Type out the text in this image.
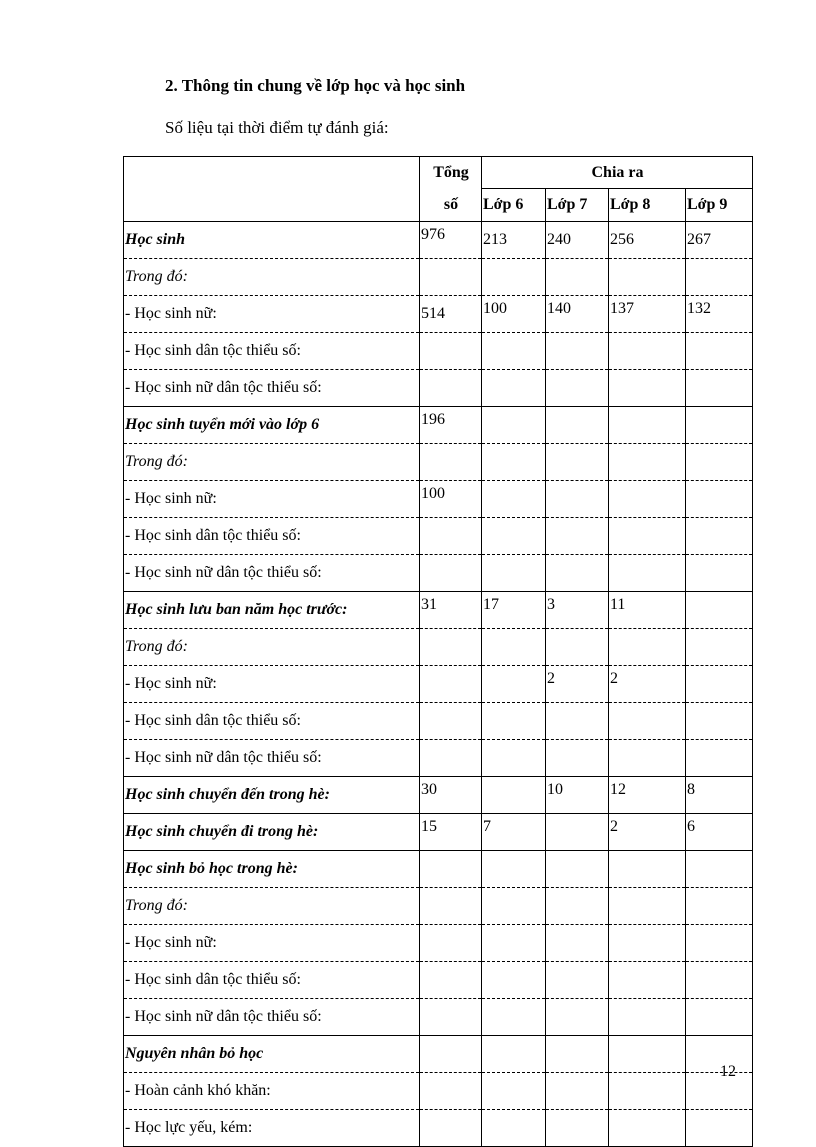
2. Thông tin chung về lớp học và học sinh
Số liệu tại thời điểm tự đánh giá:
	Tổng	Chia ra			
	số	Lớp 6	Lớp 7	Lớp 8	Lớp 9
Học sinh	976	213	240	256	267
Trong đó:					
- Học sinh nữ:	514	100	140	137	132
- Học sinh dân tộc thiểu số:					
- Học sinh nữ dân tộc thiểu số:					
Học sinh tuyển mới vào lớp 6	196				
Trong đó:					
- Học sinh nữ:	100				
- Học sinh dân tộc thiểu số:					
- Học sinh nữ dân tộc thiểu số:					
Học sinh lưu ban năm học trước:	31	17	3	11	
Trong đó:					
- Học sinh nữ:			2	2	
- Học sinh dân tộc thiểu số:					
- Học sinh nữ dân tộc thiểu số:					
Học sinh chuyển đến trong hè:	30		10	12	8
Học sinh chuyển đi trong hè:	15	7		2	6
Học sinh bỏ học trong hè:					
Trong đó:					
- Học sinh nữ:					
- Học sinh dân tộc thiểu số:					
- Học sinh nữ dân tộc thiểu số:					
Nguyên nhân bỏ học					
- Hoàn cảnh khó khăn:					
- Học lực yếu, kém:					
12
